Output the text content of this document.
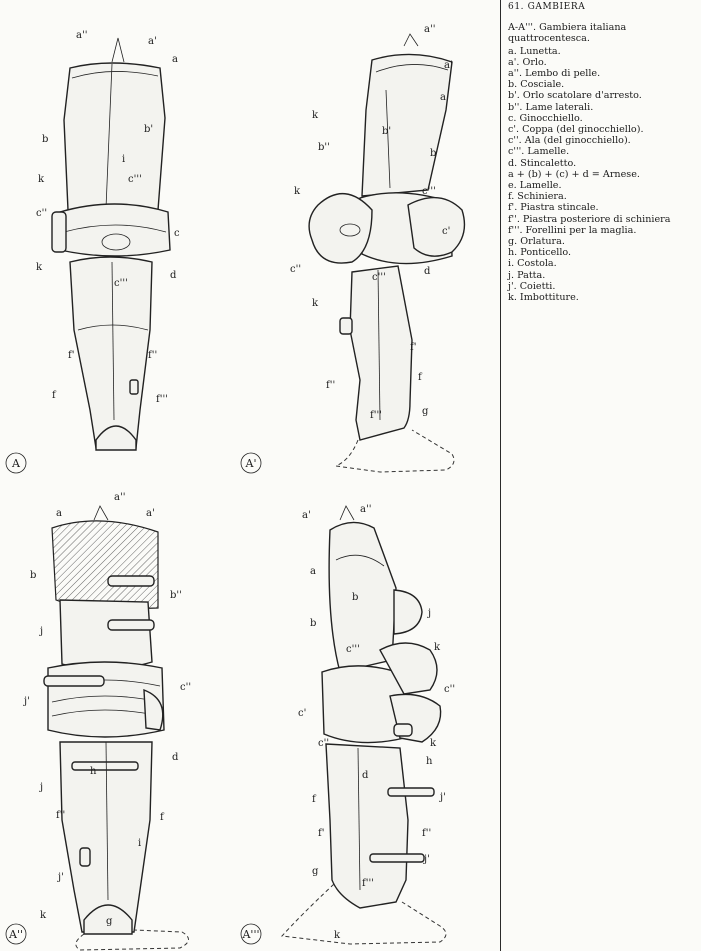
a''
a'
a
b'
b
i
k	c'''
c''
c
k
c'''
d
f'	f''
f	f'''
a''
a'
a
k
b'
b''
b
k	c'''
c'
c''
c'''
d
k
f'
f''
f
f'''	g
a''
a	a'
b
b''
j
c''
j'
d
h
j
f''	f
i
j'
k
g
a'
a''
a
b
b
j
c'''	k
c''
c'
c''	k
h
d
f	j'
f'	f''
j'
g
f'''
k
A	A'
A''	A'''
61. GAMBIERA
A-A'''. Gambiera italiana
quattrocentesca.
a. Lunetta.
a'. Orlo.
a''. Lembo di pelle.
b. Cosciale.
b'. Orlo scatolare d'arresto.
b''. Lame laterali.
c. Ginocchiello.
c'. Coppa (del ginocchiello).
c''. Ala (del ginocchiello).
c'''. Lamelle.
d. Stincaletto.
a + (b) + (c) + d = Arnese.
e. Lamelle.
f. Schiniera.
f'. Piastra stincale.
f''. Piastra posteriore di schiniera
f'''. Forellini per la maglia.
g. Orlatura.
h. Ponticello.
i. Costola.
j. Patta.
j'. Coietti.
k. Imbottiture.
